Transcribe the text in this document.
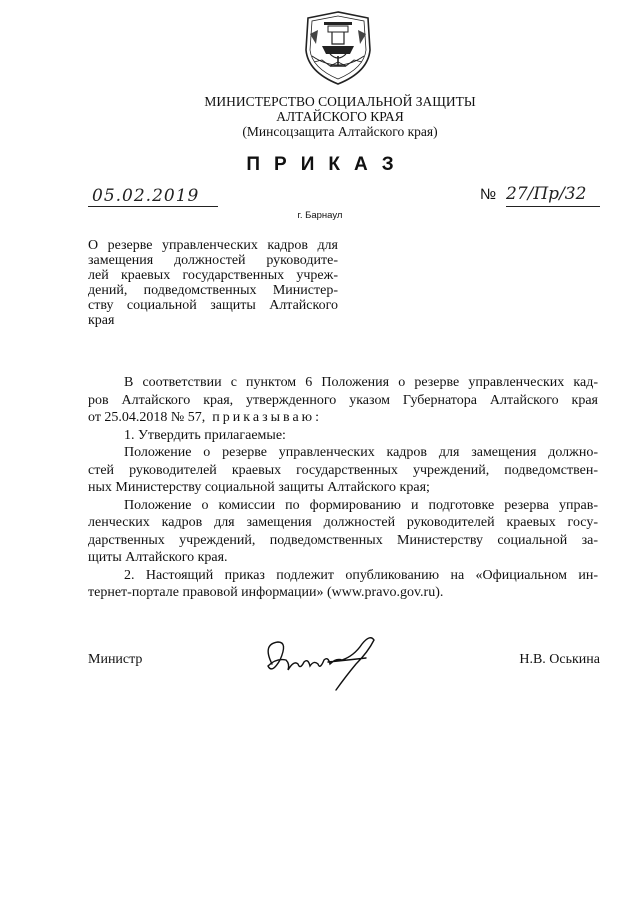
МИНИСТЕРСТВО СОЦИАЛЬНОЙ ЗАЩИТЫ
АЛТАЙСКОГО КРАЯ
(Минсоцзащита Алтайского края)
ПРИКАЗ
05.02.2019	№ 27/Пр/32
г. Барнаул
О резерве управленческих кадров для
замещения должностей руководите-
лей краевых государственных учреж-
дений, подведомственных Министер-
ству социальной защиты Алтайского
края
В соответствии с пунктом 6 Положения о резерве управленческих кад-
ров Алтайского края, утвержденного указом Губернатора Алтайского края
от 25.04.2018 № 57, приказываю:
1. Утвердить прилагаемые:
Положение о резерве управленческих кадров для замещения должно-
стей руководителей краевых государственных учреждений, подведомствен-
ных Министерству социальной защиты Алтайского края;
Положение о комиссии по формированию и подготовке резерва управ-
ленческих кадров для замещения должностей руководителей краевых госу-
дарственных учреждений, подведомственных Министерству социальной за-
щиты Алтайского края.
2. Настоящий приказ подлежит опубликованию на «Официальном ин-
тернет-портале правовой информации» (www.pravo.gov.ru).
Министр	Н.В. Оськина
